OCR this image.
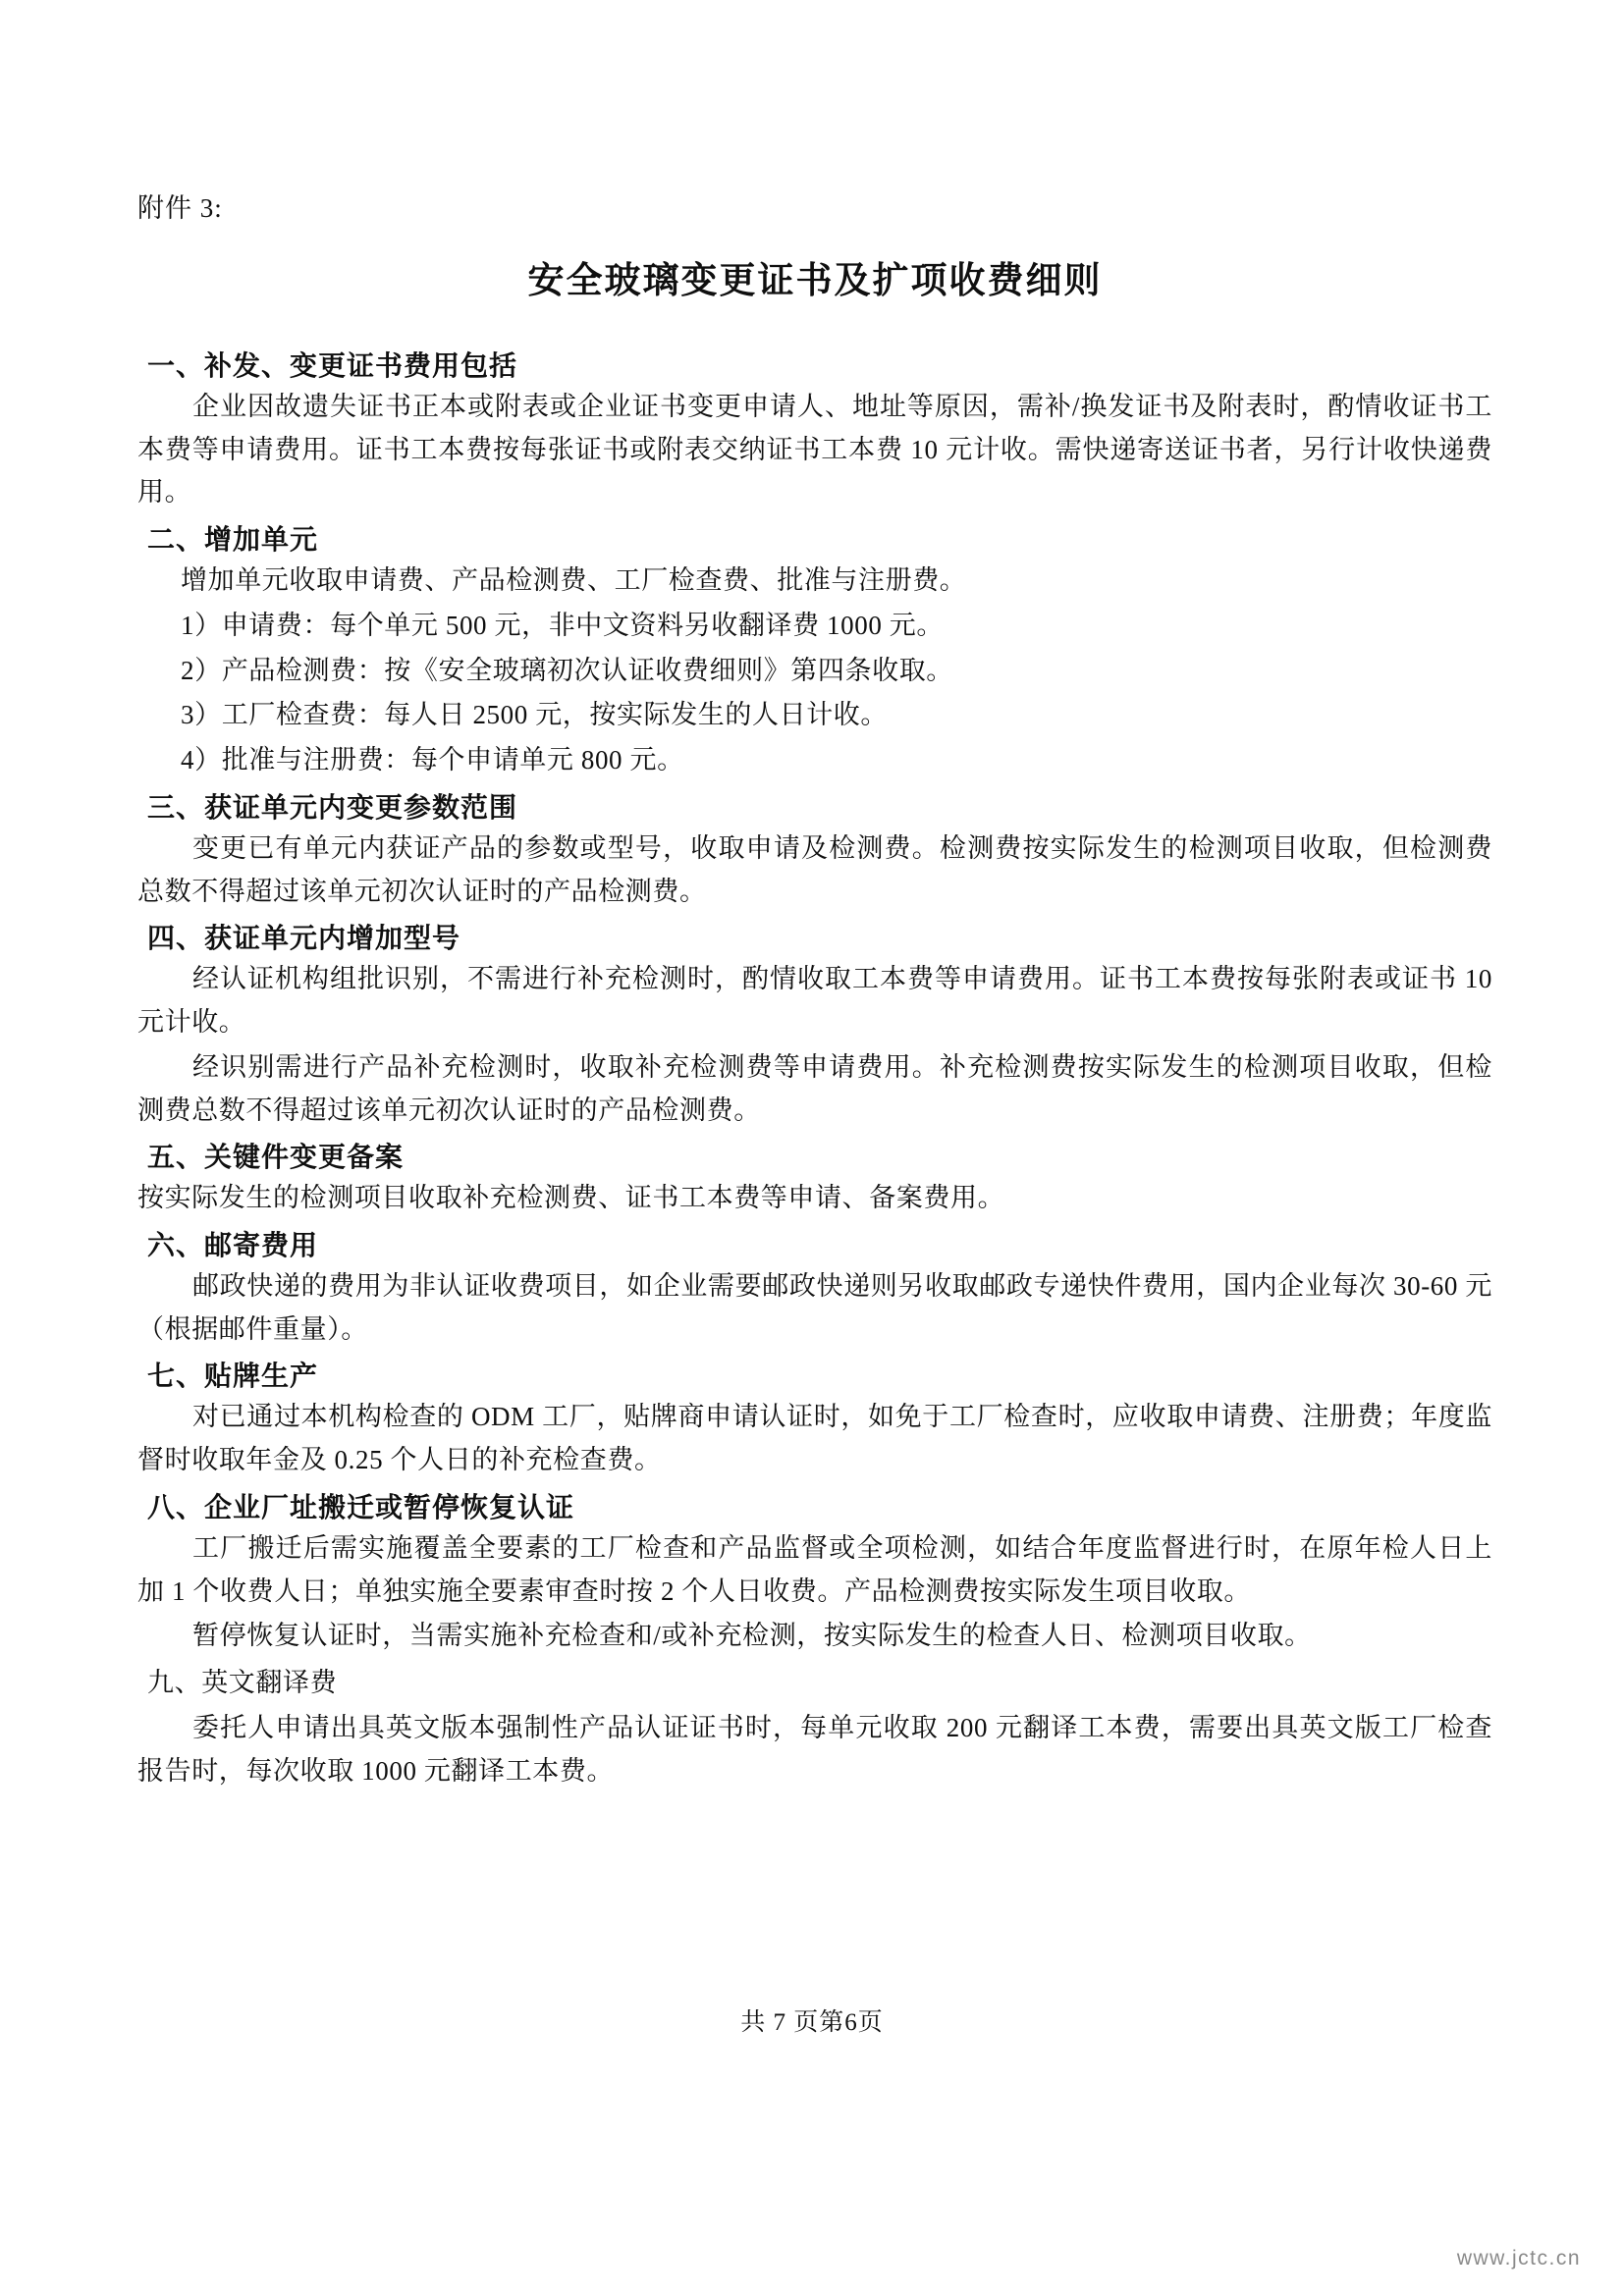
附件 3:
安全玻璃变更证书及扩项收费细则
一、补发、变更证书费用包括

企业因故遗失证书正本或附表或企业证书变更申请人、地址等原因，需补/换发证书及附表时，酌情收证书工本费等申请费用。证书工本费按每张证书或附表交纳证书工本费 10 元计收。需快递寄送证书者，另行计收快递费用。

二、增加单元

增加单元收取申请费、产品检测费、工厂检查费、批准与注册费。

1）申请费：每个单元 500 元，非中文资料另收翻译费 1000 元。

2）产品检测费：按《安全玻璃初次认证收费细则》第四条收取。

3）工厂检查费：每人日 2500 元，按实际发生的人日计收。

4）批准与注册费：每个申请单元 800 元。

三、获证单元内变更参数范围

变更已有单元内获证产品的参数或型号，收取申请及检测费。检测费按实际发生的检测项目收取，但检测费总数不得超过该单元初次认证时的产品检测费。

四、获证单元内增加型号

经认证机构组批识别，不需进行补充检测时，酌情收取工本费等申请费用。证书工本费按每张附表或证书 10 元计收。

经识别需进行产品补充检测时，收取补充检测费等申请费用。补充检测费按实际发生的检测项目收取，但检测费总数不得超过该单元初次认证时的产品检测费。

五、关键件变更备案

按实际发生的检测项目收取补充检测费、证书工本费等申请、备案费用。

六、邮寄费用

邮政快递的费用为非认证收费项目，如企业需要邮政快递则另收取邮政专递快件费用，国内企业每次 30-60 元（根据邮件重量）。

七、贴牌生产

对已通过本机构检查的 ODM 工厂，贴牌商申请认证时，如免于工厂检查时，应收取申请费、注册费；年度监督时收取年金及 0.25 个人日的补充检查费。

八、企业厂址搬迁或暂停恢复认证

工厂搬迁后需实施覆盖全要素的工厂检查和产品监督或全项检测，如结合年度监督进行时，在原年检人日上加 1 个收费人日；单独实施全要素审查时按 2 个人日收费。产品检测费按实际发生项目收取。

暂停恢复认证时，当需实施补充检查和/或补充检测，按实际发生的检查人日、检测项目收取。

九、英文翻译费

委托人申请出具英文版本强制性产品认证证书时，每单元收取 200 元翻译工本费，需要出具英文版工厂检查报告时，每次收取 1000 元翻译工本费。

共 7 页第6页
www.jctc.cn
